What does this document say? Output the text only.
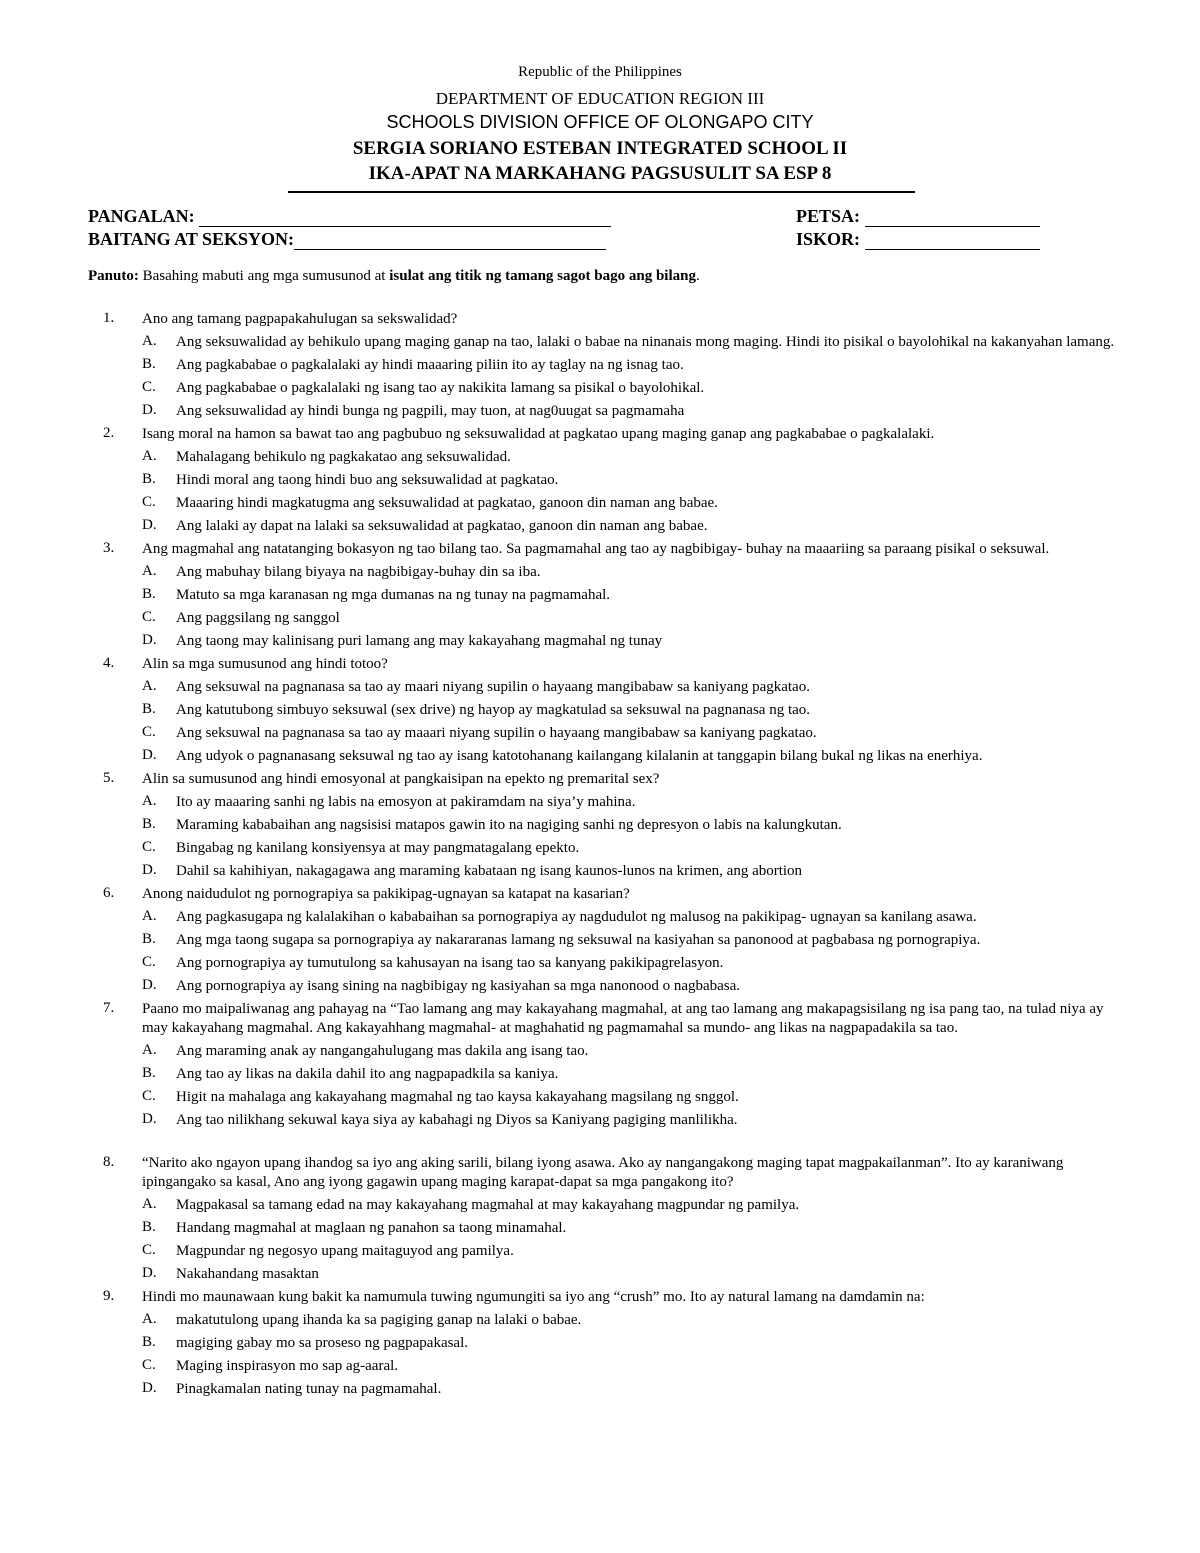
Republic of the Philippines
DEPARTMENT OF EDUCATION REGION III
SCHOOLS DIVISION OFFICE OF OLONGAPO CITY
SERGIA SORIANO ESTEBAN INTEGRATED SCHOOL II
IKA-APAT NA MARKAHANG PAGSUSULIT SA ESP 8
PANGALAN:	PETSA:
BAITANG AT SEKSYON:	ISKOR:
Panuto: Basahing mabuti ang mga sumusunod at isulat ang titik ng tamang sagot bago ang bilang.
1. Ano ang tamang pagpapakahulugan sa sekswalidad?
A. Ang seksuwalidad ay behikulo upang maging ganap na tao, lalaki o babae na ninanais mong maging. Hindi ito pisikal o bayolohikal na kakanyahan lamang.
B. Ang pagkababae o pagkalalaki ay hindi maaaring piliin ito ay taglay na ng isnag tao.
C. Ang pagkababae o pagkalalaki ng isang tao ay nakikita lamang sa pisikal o bayolohikal.
D. Ang seksuwalidad ay hindi bunga ng pagpili, may tuon, at nag0uugat sa pagmamaha
2. Isang moral na hamon sa bawat tao ang pagbubuo ng seksuwalidad at pagkatao upang maging ganap ang pagkababae o pagkalalaki.
A. Mahalagang behikulo ng pagkakatao ang seksuwalidad.
B. Hindi moral ang taong hindi buo ang seksuwalidad at pagkatao.
C. Maaaring hindi magkatugma ang seksuwalidad at pagkatao, ganoon din naman ang babae.
D. Ang lalaki ay dapat na lalaki sa seksuwalidad at pagkatao, ganoon din naman ang babae.
3. Ang magmahal ang natatanging bokasyon ng tao bilang tao. Sa pagmamahal ang tao ay nagbibigay- buhay na maaariing sa paraang pisikal o seksuwal.
A. Ang mabuhay bilang biyaya na nagbibigay-buhay din sa iba.
B. Matuto sa mga karanasan ng mga dumanas na ng tunay na pagmamahal.
C. Ang paggsilang ng sanggol
D. Ang taong may kalinisang puri lamang ang may kakayahang magmahal ng tunay
4. Alin sa mga sumusunod ang hindi totoo?
A. Ang seksuwal na pagnanasa sa tao ay maari niyang supilin o hayaang mangibabaw sa kaniyang pagkatao.
B. Ang katutubong simbuyo seksuwal (sex drive) ng hayop ay magkatulad sa seksuwal na pagnanasa ng tao.
C. Ang seksuwal na pagnanasa sa tao ay maaari niyang supilin o hayaang mangibabaw sa kaniyang pagkatao.
D. Ang udyok o pagnanasang seksuwal ng tao ay isang katotohanang kailangang kilalanin at tanggapin bilang bukal ng likas na enerhiya.
5. Alin sa sumusunod ang hindi emosyonal at pangkaisipan na epekto ng premarital sex?
A. Ito ay maaaring sanhi ng labis na emosyon at pakiramdam na siya’y mahina.
B. Maraming kababaihan ang nagsisisi matapos gawin ito na nagiging sanhi ng depresyon o labis na kalungkutan.
C. Bingabag ng kanilang konsiyensya at may pangmatagalang epekto.
D. Dahil sa kahihiyan, nakagagawa ang maraming kabataan ng isang kaunos-lunos na krimen, ang abortion
6. Anong naidudulot ng pornograpiya sa pakikipag-ugnayan sa katapat na kasarian?
A. Ang pagkasugapa ng kalalakihan o kababaihan sa pornograpiya ay nagdudulot ng malusog na pakikipag- ugnayan sa kanilang asawa.
B. Ang mga taong sugapa sa pornograpiya ay nakararanas lamang ng seksuwal na kasiyahan sa panonood at pagbabasa ng pornograpiya.
C. Ang pornograpiya ay tumutulong sa kahusayan na isang tao sa kanyang pakikipagrelasyon.
D. Ang pornograpiya ay isang sining na nagbibigay ng kasiyahan sa mga nanonood o nagbabasa.
7. Paano mo maipaliwanag ang pahayag na “Tao lamang ang may kakayahang magmahal, at ang tao lamang ang makapagsisilang ng isa pang tao, na tulad niya ay may kakayahang magmahal. Ang kakayahhang magmahal- at maghahatid ng pagmamahal sa mundo- ang likas na nagpapadakila sa tao.
A. Ang maraming anak ay nangangahulugang mas dakila ang isang tao.
B. Ang tao ay likas na dakila dahil ito ang nagpapadkila sa kaniya.
C. Higit na mahalaga ang kakayahang magmahal ng tao kaysa kakayahang magsilang ng snggol.
D. Ang tao nilikhang sekuwal kaya siya ay kabahagi ng Diyos sa Kaniyang pagiging manlilikha.
8. “Narito ako ngayon upang ihandog sa iyo ang aking sarili, bilang iyong asawa. Ako ay nangangakong maging tapat magpakailanman”. Ito ay karaniwang ipingangako sa kasal, Ano ang iyong gagawin upang maging karapat-dapat sa mga pangakong ito?
A. Magpakasal sa tamang edad na may kakayahang magmahal at may kakayahang magpundar ng pamilya.
B. Handang magmahal at maglaan ng panahon sa taong minamahal.
C. Magpundar ng negosyo upang maitaguyod ang pamilya.
D. Nakahandang masaktan
9. Hindi mo maunawaan kung bakit ka namumula tuwing ngumungiti sa iyo ang “crush” mo. Ito ay natural lamang na damdamin na:
A. makatutulong upang ihanda ka sa pagiging ganap na lalaki o babae.
B. magiging gabay mo sa proseso ng pagpapakasal.
C. Maging inspirasyon mo sap ag-aaral.
D. Pinagkamalan nating tunay na pagmamahal.
